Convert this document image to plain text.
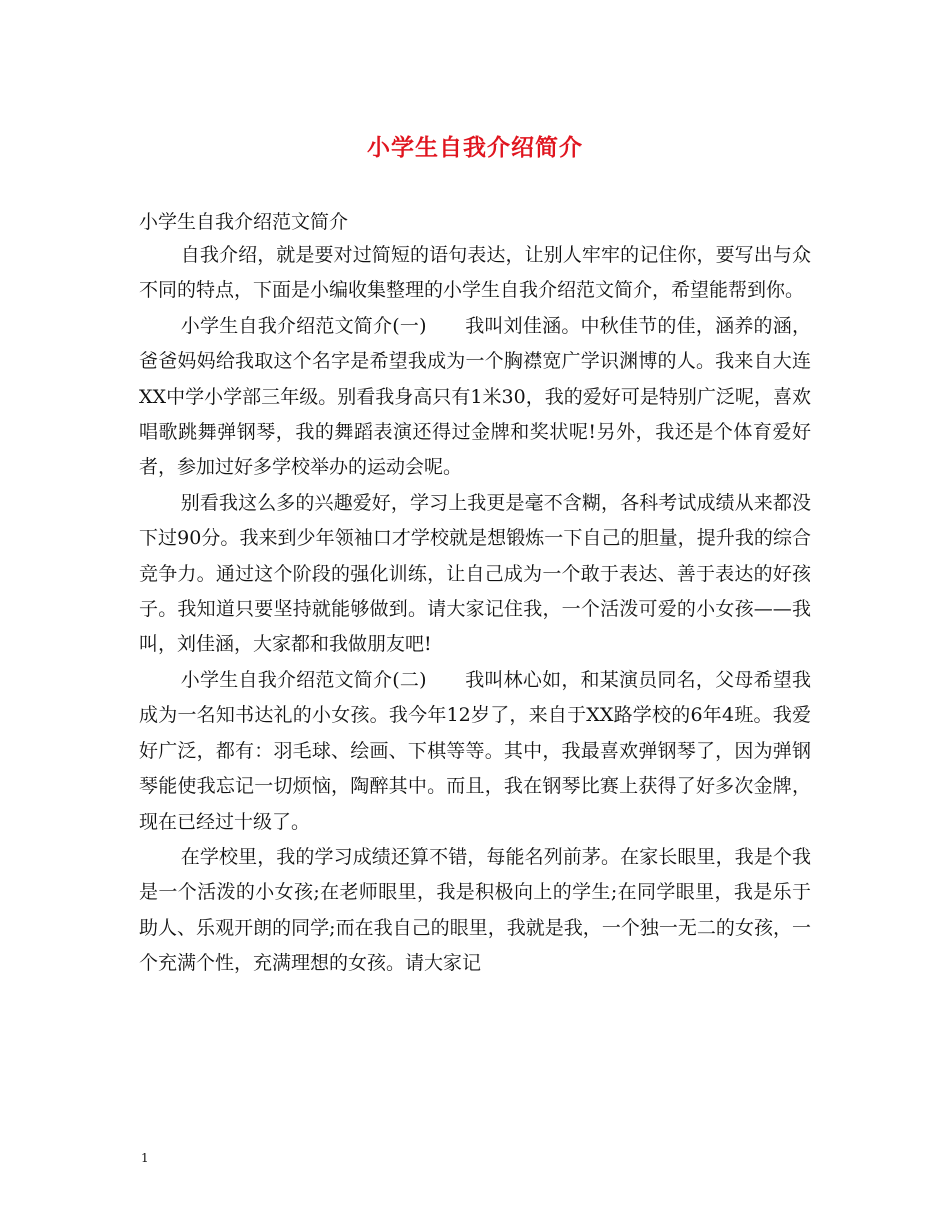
小学生自我介绍简介
小学生自我介绍范文简介

自我介绍，就是要对过简短的语句表达，让别人牢牢的记住你，要写出与众不同的特点，下面是小编收集整理的小学生自我介绍范文简介，希望能帮到你。

小学生自我介绍范文简介(一)　　我叫刘佳涵。中秋佳节的佳，涵养的涵，爸爸妈妈给我取这个名字是希望我成为一个胸襟宽广学识渊博的人。我来自大连XX中学小学部三年级。别看我身高只有1米30，我的爱好可是特别广泛呢，喜欢唱歌跳舞弹钢琴，我的舞蹈表演还得过金牌和奖状呢!另外，我还是个体育爱好者，参加过好多学校举办的运动会呢。

别看我这么多的兴趣爱好，学习上我更是毫不含糊，各科考试成绩从来都没下过90分。我来到少年领袖口才学校就是想锻炼一下自己的胆量，提升我的综合竞争力。通过这个阶段的强化训练，让自己成为一个敢于表达、善于表达的好孩子。我知道只要坚持就能够做到。请大家记住我，一个活泼可爱的小女孩——我叫，刘佳涵，大家都和我做朋友吧!

小学生自我介绍范文简介(二)　　我叫林心如，和某演员同名，父母希望我成为一名知书达礼的小女孩。我今年12岁了，来自于XX路学校的6年4班。我爱好广泛，都有：羽毛球、绘画、下棋等等。其中，我最喜欢弹钢琴了，因为弹钢琴能使我忘记一切烦恼，陶醉其中。而且，我在钢琴比赛上获得了好多次金牌，现在已经过十级了。

在学校里，我的学习成绩还算不错，每能名列前茅。在家长眼里，我是个我是一个活泼的小女孩;在老师眼里，我是积极向上的学生;在同学眼里，我是乐于助人、乐观开朗的同学;而在我自己的眼里，我就是我，一个独一无二的女孩，一个充满个性，充满理想的女孩。请大家记

1
